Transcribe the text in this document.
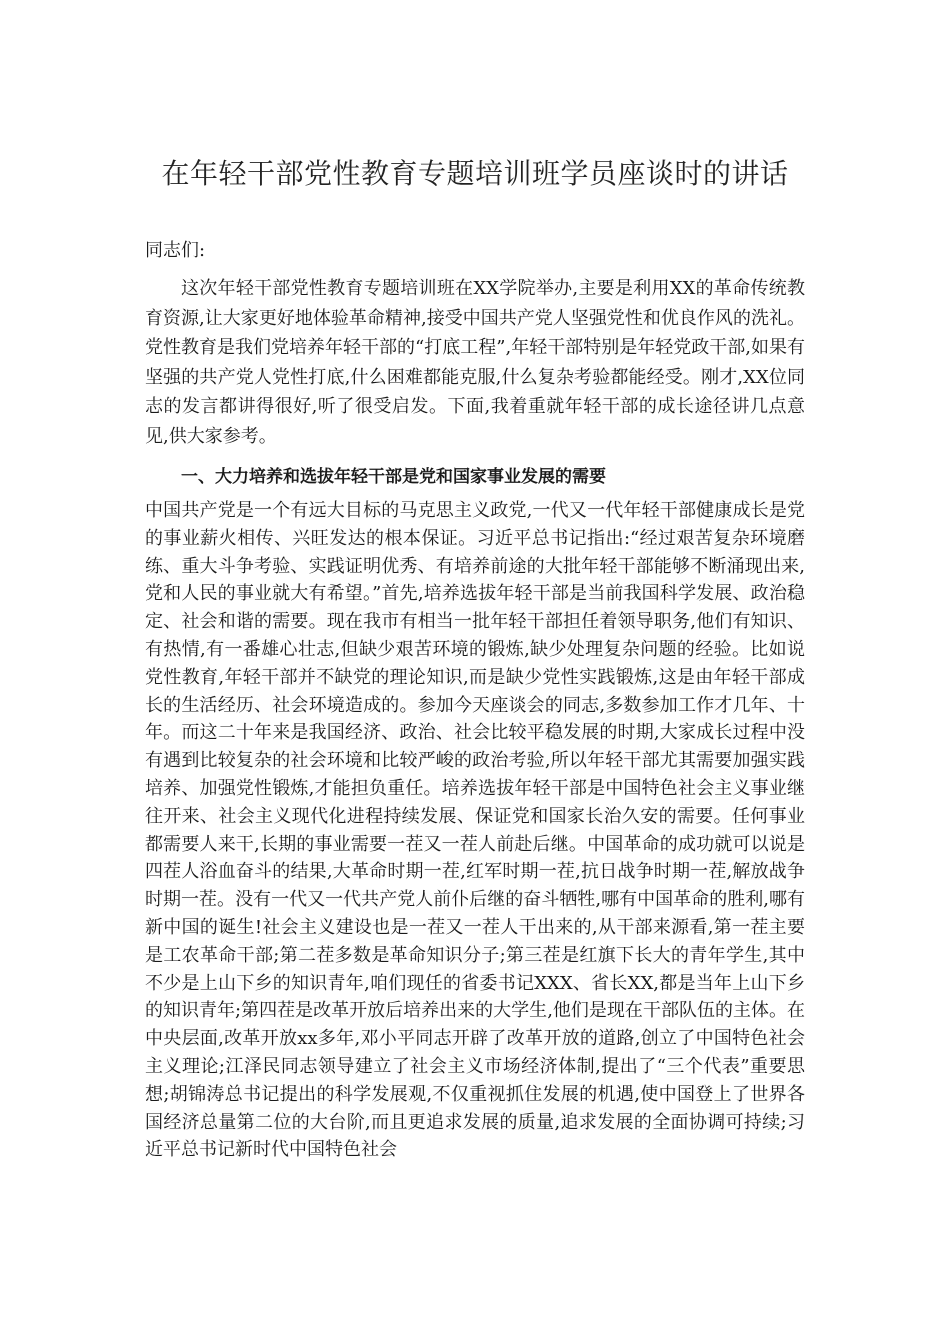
在年轻干部党性教育专题培训班学员座谈时的讲话

同志们:

这次年轻干部党性教育专题培训班在XX学院举办,主要是利用XX的革命传统教育资源,让大家更好地体验革命精神,接受中国共产党人坚强党性和优良作风的洗礼。党性教育是我们党培养年轻干部的“打底工程”,年轻干部特别是年轻党政干部,如果有坚强的共产党人党性打底,什么困难都能克服,什么复杂考验都能经受。刚才,XX位同志的发言都讲得很好,听了很受启发。下面,我着重就年轻干部的成长途径讲几点意见,供大家参考。

一、大力培养和选拔年轻干部是党和国家事业发展的需要

中国共产党是一个有远大目标的马克思主义政党,一代又一代年轻干部健康成长是党的事业薪火相传、兴旺发达的根本保证。习近平总书记指出:“经过艰苦复杂环境磨练、重大斗争考验、实践证明优秀、有培养前途的大批年轻干部能够不断涌现出来,党和人民的事业就大有希望。”首先,培养选拔年轻干部是当前我国科学发展、政治稳定、社会和谐的需要。现在我市有相当一批年轻干部担任着领导职务,他们有知识、有热情,有一番雄心壮志,但缺少艰苦环境的锻炼,缺少处理复杂问题的经验。比如说党性教育,年轻干部并不缺党的理论知识,而是缺少党性实践锻炼,这是由年轻干部成长的生活经历、社会环境造成的。参加今天座谈会的同志,多数参加工作才几年、十年。而这二十年来是我国经济、政治、社会比较平稳发展的时期,大家成长过程中没有遇到比较复杂的社会环境和比较严峻的政治考验,所以年轻干部尤其需要加强实践培养、加强党性锻炼,才能担负重任。培养选拔年轻干部是中国特色社会主义事业继往开来、社会主义现代化进程持续发展、保证党和国家长治久安的需要。任何事业都需要人来干,长期的事业需要一茬又一茬人前赴后继。中国革命的成功就可以说是四茬人浴血奋斗的结果,大革命时期一茬,红军时期一茬,抗日战争时期一茬,解放战争时期一茬。没有一代又一代共产党人前仆后继的奋斗牺牲,哪有中国革命的胜利,哪有新中国的诞生!社会主义建设也是一茬又一茬人干出来的,从干部来源看,第一茬主要是工农革命干部;第二茬多数是革命知识分子;第三茬是红旗下长大的青年学生,其中不少是上山下乡的知识青年,咱们现任的省委书记XXX、省长XX,都是当年上山下乡的知识青年;第四茬是改革开放后培养出来的大学生,他们是现在干部队伍的主体。在中央层面,改革开放xx多年,邓小平同志开辟了改革开放的道路,创立了中国特色社会主义理论;江泽民同志领导建立了社会主义市场经济体制,提出了“三个代表”重要思想;胡锦涛总书记提出的科学发展观,不仅重视抓住发展的机遇,使中国登上了世界各国经济总量第二位的大台阶,而且更追求发展的质量,追求发展的全面协调可持续;习近平总书记新时代中国特色社会
